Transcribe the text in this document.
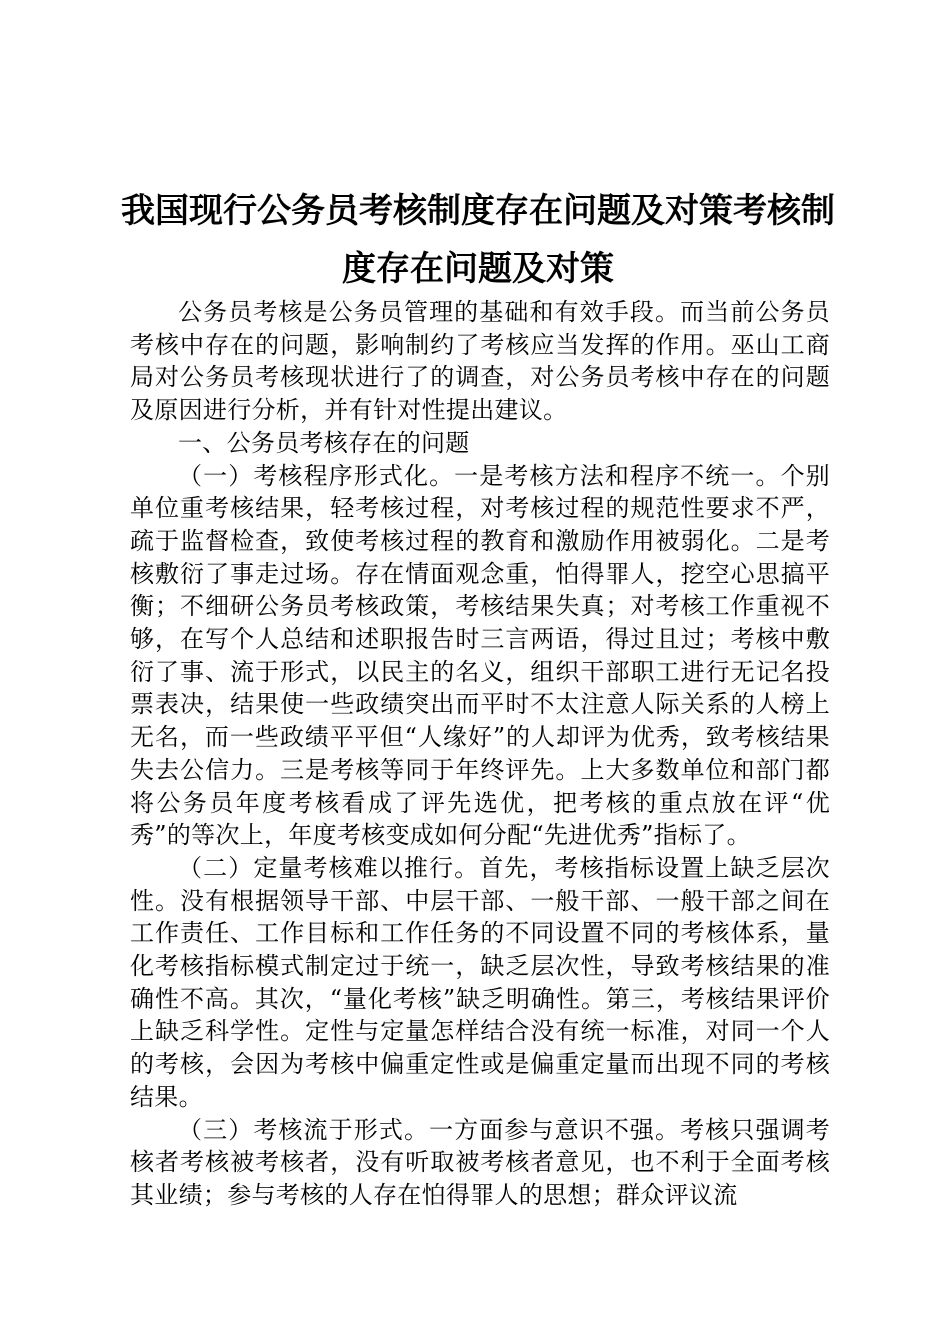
我国现行公务员考核制度存在问题及对策考核制度存在问题及对策

公务员考核是公务员管理的基础和有效手段。而当前公务员考核中存在的问题，影响制约了考核应当发挥的作用。巫山工商局对公务员考核现状进行了的调查，对公务员考核中存在的问题及原因进行分析，并有针对性提出建议。

一、公务员考核存在的问题

（一）考核程序形式化。一是考核方法和程序不统一。个别单位重考核结果，轻考核过程，对考核过程的规范性要求不严，疏于监督检查，致使考核过程的教育和激励作用被弱化。二是考核敷衍了事走过场。存在情面观念重，怕得罪人，挖空心思搞平衡；不细研公务员考核政策，考核结果失真；对考核工作重视不够，在写个人总结和述职报告时三言两语，得过且过；考核中敷衍了事、流于形式，以民主的名义，组织干部职工进行无记名投票表决，结果使一些政绩突出而平时不太注意人际关系的人榜上无名，而一些政绩平平但“人缘好”的人却评为优秀，致考核结果失去公信力。三是考核等同于年终评先。上大多数单位和部门都将公务员年度考核看成了评先选优，把考核的重点放在评“优秀”的等次上，年度考核变成如何分配“先进优秀”指标了。

（二）定量考核难以推行。首先，考核指标设置上缺乏层次性。没有根据领导干部、中层干部、一般干部、一般干部之间在工作责任、工作目标和工作任务的不同设置不同的考核体系，量化考核指标模式制定过于统一，缺乏层次性，导致考核结果的准确性不高。其次，“量化考核”缺乏明确性。第三，考核结果评价上缺乏科学性。定性与定量怎样结合没有统一标准，对同一个人的考核，会因为考核中偏重定性或是偏重定量而出现不同的考核结果。

（三）考核流于形式。一方面参与意识不强。考核只强调考核者考核被考核者，没有听取被考核者意见，也不利于全面考核其业绩；参与考核的人存在怕得罪人的思想；群众评议流
